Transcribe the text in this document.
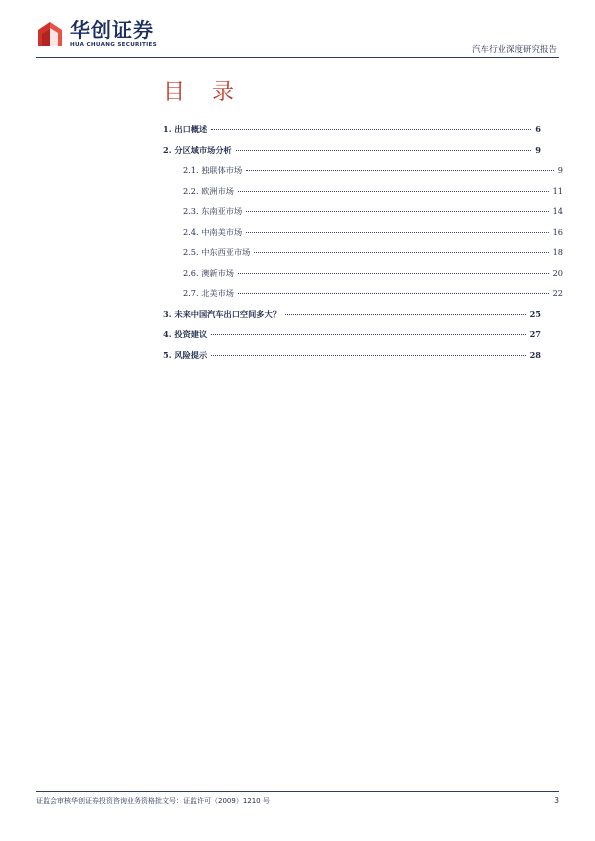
华创证券
HUA CHUANG SECURITIES	汽车行业深度研究报告
目 录
1. 出口概述	6
2. 分区域市场分析	9
2.1. 独联体市场	9
2.2. 欧洲市场	11
2.3. 东南亚市场	14
2.4. 中南美市场	16
2.5. 中东西亚市场	18
2.6. 澳新市场	20
2.7. 北美市场	22
3. 未来中国汽车出口空间多大？	25
4. 投资建议	27
5. 风险提示	28
证监会审核华创证券投资咨询业务资格批文号：证监许可（2009）1210 号	3
